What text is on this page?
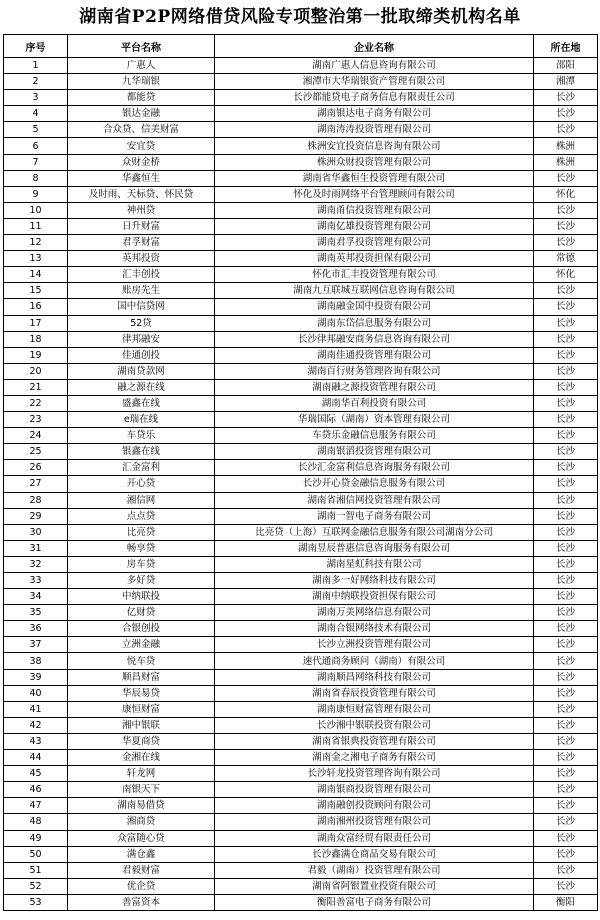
湖南省P2P网络借贷风险专项整治第一批取缔类机构名单
序号	平台名称	企业名称	所在地
1	广惠人	湖南广惠人信息咨询有限公司	邵阳
2	九华瑞银	湘潭市大华瑞银资产管理有限公司	湘潭
3	都能贷	长沙都能贷电子商务信息有限责任公司	长沙
4	银达金融	湖南银达电子商务有限公司	长沙
5	合众贷、信美财富	湖南涛涛投资管理有限公司	长沙
6	安宜贷	株洲安宜投资信息咨询有限公司	株洲
7	众财金桥	株洲众财投资管理有限公司	株洲
8	华鑫恒生	湖南省华鑫恒生投资管理有限公司	长沙
9	及时雨、天标贷、怀民贷	怀化及时雨网络平台管理顾问有限公司	怀化
10	神州贷	湖南甬信投资管理有限公司	长沙
11	日升财富	湖南亿雄投资管理有限公司	长沙
12	君孚财富	湖南君孚投资管理有限公司	长沙
13	英邦投资	湖南英邦投资担保有限公司	常德
14	汇丰创投	怀化市汇丰投资管理有限公司	怀化
15	账房先生	湖南九互联城互联网信息咨询有限公司	长沙
16	国中信贷网	湖南融金国中投资有限公司	长沙
17	52贷	湖南东岱信息服务有限公司	长沙
18	律邦融安	长沙律邦融安商务信息咨询有限公司	长沙
19	佳通创投	湖南佳通投资管理有限公司	长沙
20	湖南贷款网	湖南百行财务管理咨询有限公司	长沙
21	融之源在线	湖南融之源投资管理有限公司	长沙
22	盛鑫在线	湖南华百利投资有限公司	长沙
23	e瑞在线	华瑞国际（湖南）资本管理有限公司	长沙
24	车贷乐	车贷乐金融信息服务有限公司	长沙
25	银鑫在线	湖南银滔投资管理有限公司	长沙
26	汇金富利	长沙汇金富利信息咨询服务有限公司	长沙
27	开心贷	长沙开心贷金融信息服务有限公司	长沙
28	湘信网	湖南省湘信网投资管理有限公司	长沙
29	点点贷	湖南一智电子商务有限公司	长沙
30	比亮贷	比亮贷（上海）互联网金融信息服务有限公司湖南分公司	长沙
31	畅享贷	湖南昱辰普惠信息咨询服务有限公司	长沙
32	房车贷	湖南星虹科技有限公司	长沙
33	多好贷	湖南多一好网络科技有限公司	长沙
34	中纳联投	湖南中纳联投资担保有限公司	长沙
35	亿财贷	湖南万美网络信息有限公司	长沙
36	合银创投	湖南合银网络技术有限公司	长沙
37	立洲金融	长沙立洲投资管理有限公司	长沙
38	悦车贷	速代通商务顾问（湖南）有限公司	长沙
39	顺昌财富	湖南顺昌网络科技有限公司	长沙
40	华辰易贷	湖南省春辰投资管理有限公司	长沙
41	康恒财富	湖南康恒财富管理有限公司	长沙
42	湘中银联	长沙湘中银联投资有限公司	长沙
43	华夏商贷	湖南省银典投资管理有限公司	长沙
44	金湘在线	湖南金之湘电子商务有限公司	长沙
45	轩龙网	长沙轩龙投资管理咨询有限公司	长沙
46	南银天下	湖南银商投资管理有限公司	长沙
47	湖南易借贷	湖南融创投资顾问有限公司	长沙
48	湘商贷	湖南湘州投资管理有限公司	长沙
49	众富随心贷	湖南众富经贸有限责任公司	长沙
50	满仓鑫	长沙鑫满仓商品交易有限公司	长沙
51	君毅财富	君毅（湖南）投资管理有限公司	长沙
52	优企贷	湖南省阿银置业投资有限公司	长沙
53	善富资本	衡阳善富电子商务有限公司	衡阳
